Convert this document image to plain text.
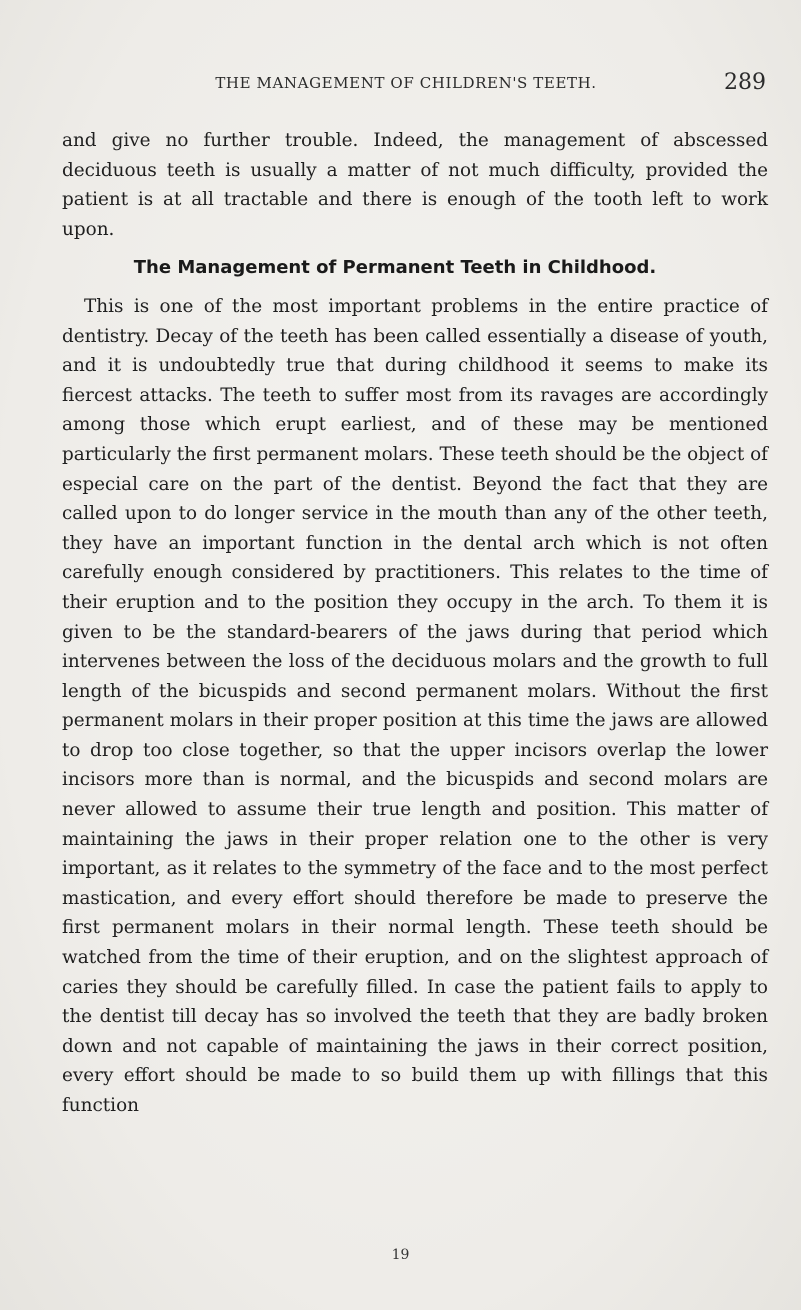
THE MANAGEMENT OF CHILDREN'S TEETH.	289

and give no further trouble. Indeed, the management of abscessed deciduous teeth is usually a matter of not much difficulty, provided the patient is at all tractable and there is enough of the tooth left to work upon.

The Management of Permanent Teeth in Childhood.

This is one of the most important problems in the entire practice of dentistry. Decay of the teeth has been called essentially a disease of youth, and it is undoubtedly true that during childhood it seems to make its fiercest attacks. The teeth to suffer most from its ravages are accordingly among those which erupt earliest, and of these may be mentioned particularly the first permanent molars. These teeth should be the object of especial care on the part of the dentist. Beyond the fact that they are called upon to do longer service in the mouth than any of the other teeth, they have an important function in the dental arch which is not often carefully enough considered by practitioners. This relates to the time of their eruption and to the position they occupy in the arch. To them it is given to be the standard-bearers of the jaws during that period which intervenes between the loss of the deciduous molars and the growth to full length of the bicuspids and second permanent molars. Without the first permanent molars in their proper position at this time the jaws are allowed to drop too close together, so that the upper incisors overlap the lower incisors more than is normal, and the bicuspids and second molars are never allowed to assume their true length and position. This matter of maintaining the jaws in their proper relation one to the other is very important, as it relates to the symmetry of the face and to the most perfect mastication, and every effort should therefore be made to preserve the first permanent molars in their normal length. These teeth should be watched from the time of their eruption, and on the slightest approach of caries they should be carefully filled. In case the patient fails to apply to the dentist till decay has so involved the teeth that they are badly broken down and not capable of maintaining the jaws in their correct position, every effort should be made to so build them up with fillings that this function

19
